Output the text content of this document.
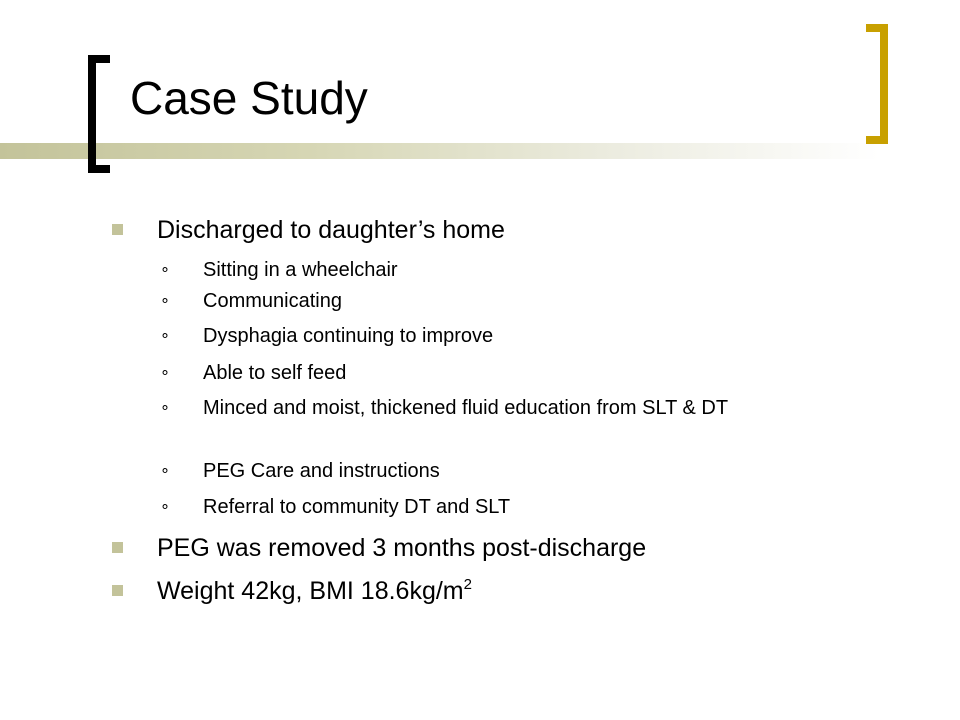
Case Study
Discharged to daughter’s home
∘ Sitting in a wheelchair
∘ Communicating
∘ Dysphagia continuing to improve
∘ Able to self feed
∘ Minced and moist, thickened fluid education from SLT & DT
∘ PEG Care and instructions
∘ Referral to community DT and SLT
PEG was removed 3 months post-discharge
Weight 42kg, BMI $18.6kg/m^2$
